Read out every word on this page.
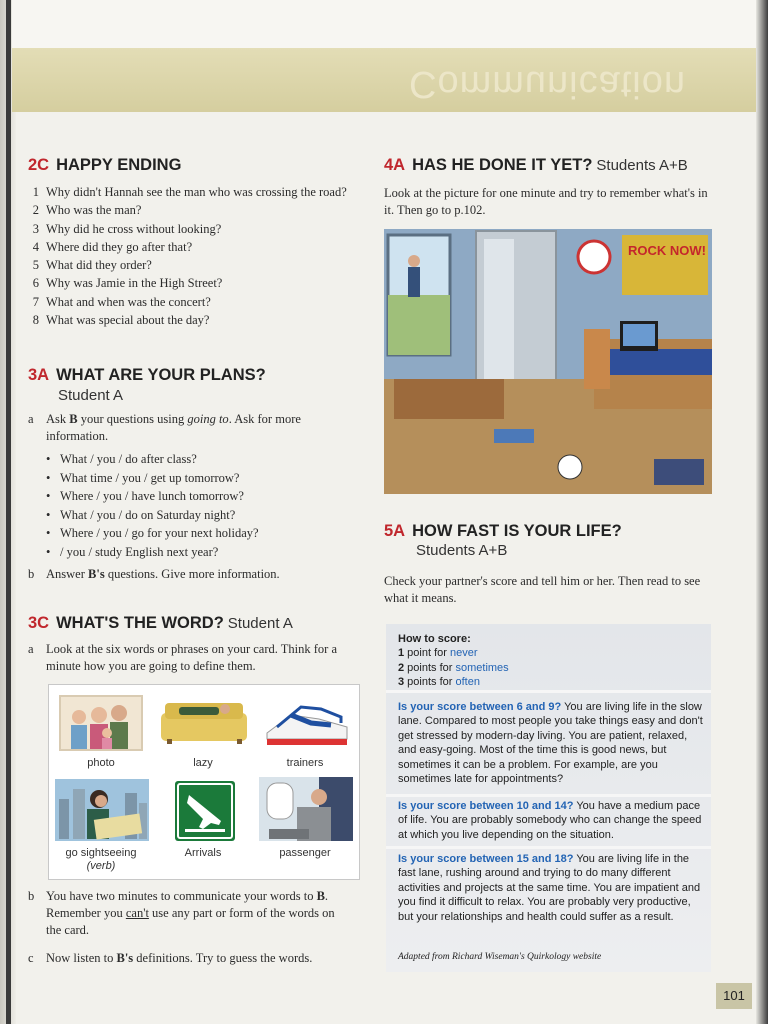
Communication
2C HAPPY ENDING
1 Why didn't Hannah see the man who was crossing the road?
2 Who was the man?
3 Why did he cross without looking?
4 Where did they go after that?
5 What did they order?
6 Why was Jamie in the High Street?
7 What and when was the concert?
8 What was special about the day?
3A WHAT ARE YOUR PLANS?
Student A
a Ask B your questions using going to. Ask for more information.
• What / you / do after class?
• What time / you / get up tomorrow?
• Where / you / have lunch tomorrow?
• What / you / do on Saturday night?
• Where / you / go for your next holiday?
• / you / study English next year?
b Answer B's questions. Give more information.
3C WHAT'S THE WORD? Student A
a Look at the six words or phrases on your card. Think for a minute how you are going to define them.
photo	lazy	trainers
go sightseeing
(verb)
Arrivals	passenger
b You have two minutes to communicate your words to B. Remember you can't use any part or form of the words on the card.
c Now listen to B's definitions. Try to guess the words.
4A HAS HE DONE IT YET? Students A+B
Look at the picture for one minute and try to remember what's in it. Then go to p.102.
ROCK NOW!
5A HOW FAST IS YOUR LIFE?
Students A+B
Check your partner's score and tell him or her. Then read to see what it means.
How to score:
1 point for never
2 points for sometimes
3 points for often
Is your score between 6 and 9? You are living life in the slow lane. Compared to most people you take things easy and don't get stressed by modern-day living. You are patient, relaxed, and easy-going. Most of the time this is good news, but sometimes it can be a problem. For example, are you sometimes late for appointments?
Is your score between 10 and 14? You have a medium pace of life. You are probably somebody who can change the speed at which you live depending on the situation.
Is your score between 15 and 18? You are living life in the fast lane, rushing around and trying to do many different activities and projects at the same time. You are impatient and you find it difficult to relax. You are probably very productive, but your relationships and health could suffer as a result.
Adapted from Richard Wiseman's Quirkology website
101
